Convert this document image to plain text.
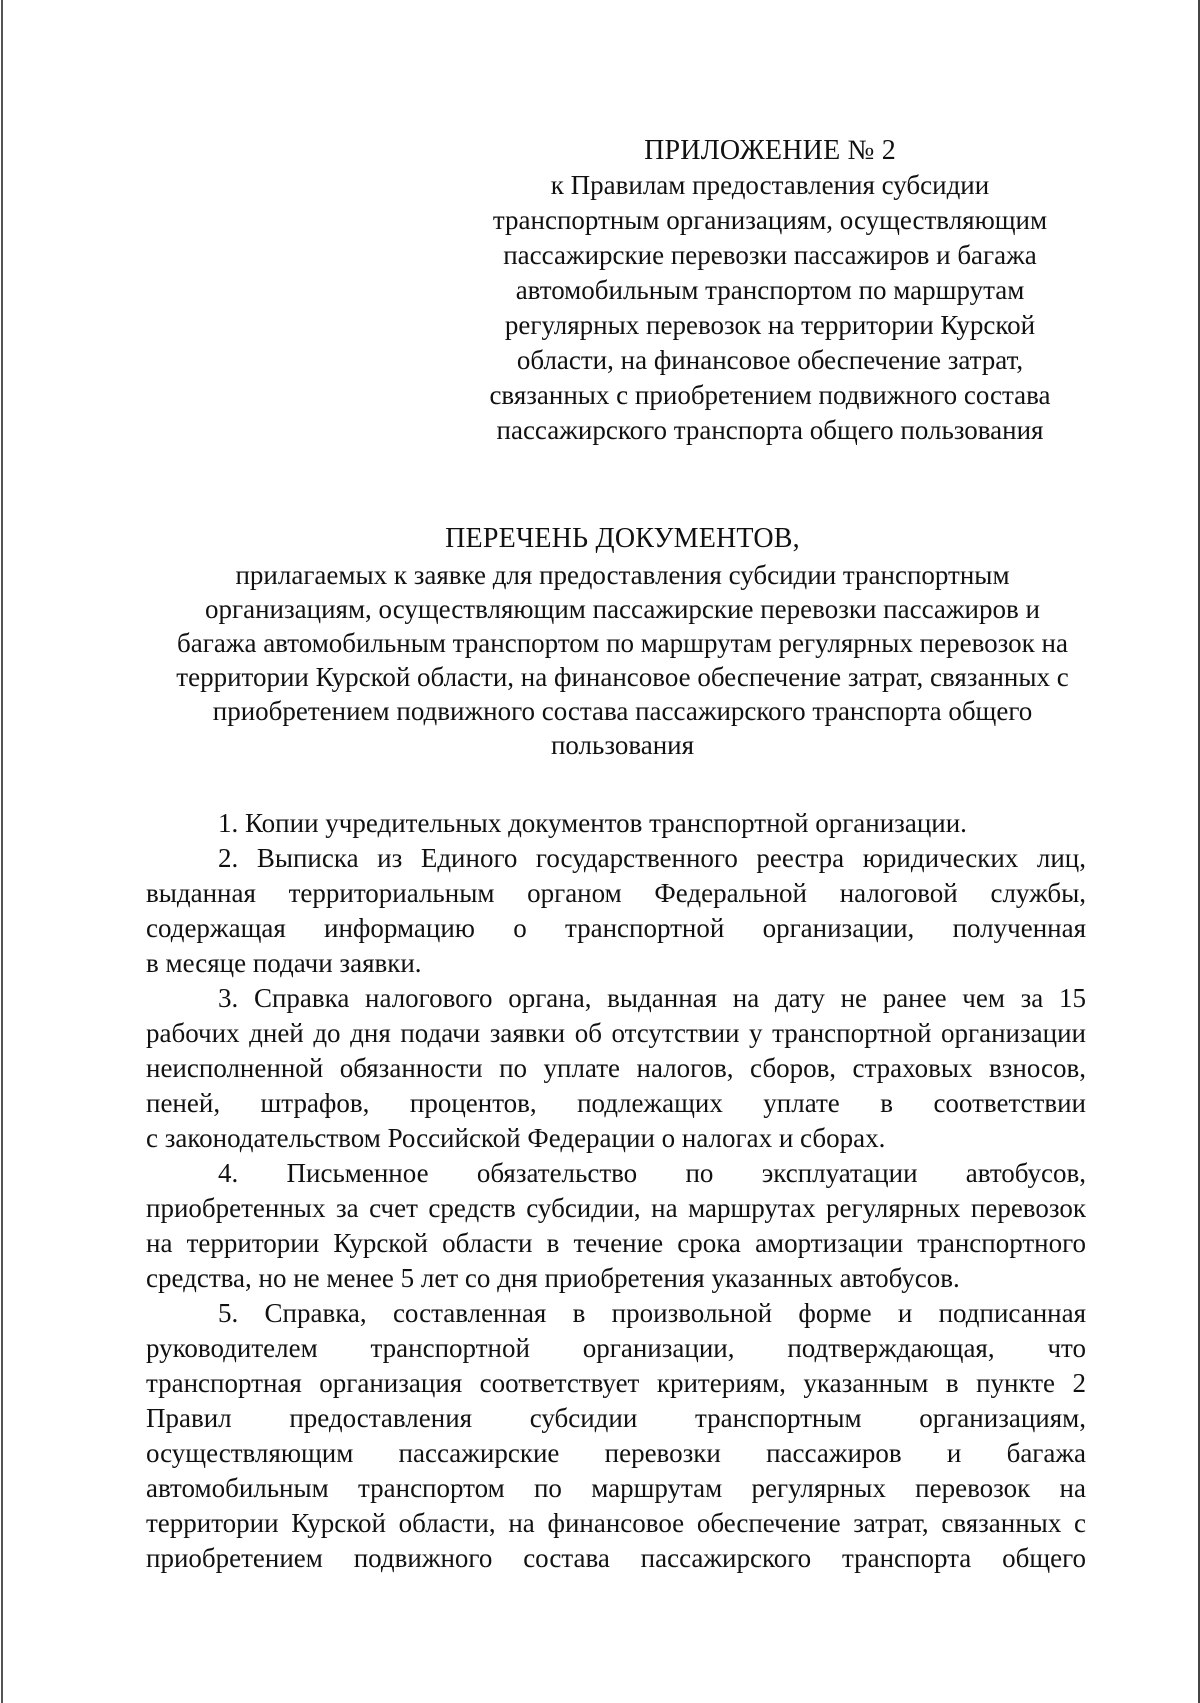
ПРИЛОЖЕНИЕ № 2
к Правилам предоставления субсидии
транспортным организациям, осуществляющим
пассажирские перевозки пассажиров и багажа
автомобильным транспортом по маршрутам
регулярных перевозок на территории Курской
области, на финансовое обеспечение затрат,
связанных с приобретением подвижного состава
пассажирского транспорта общего пользования
ПЕРЕЧЕНЬ ДОКУМЕНТОВ,
прилагаемых к заявке для предоставления субсидии транспортным
организациям, осуществляющим пассажирские перевозки пассажиров и
багажа автомобильным транспортом по маршрутам регулярных перевозок на
территории Курской области, на финансовое обеспечение затрат, связанных с
приобретением подвижного состава пассажирского транспорта общего
пользования
1. Копии учредительных документов транспортной организации.
2. Выписка из Единого государственного реестра юридических лиц,
выданная территориальным органом Федеральной налоговой службы,
содержащая информацию о транспортной организации, полученная
в месяце подачи заявки.
3. Справка налогового органа, выданная на дату не ранее чем за 15
рабочих дней до дня подачи заявки об отсутствии у транспортной организации
неисполненной обязанности по уплате налогов, сборов, страховых взносов,
пеней, штрафов, процентов, подлежащих уплате в соответствии
с законодательством Российской Федерации о налогах и сборах.
4. Письменное обязательство по эксплуатации автобусов,
приобретенных за счет средств субсидии, на маршрутах регулярных перевозок
на территории Курской области в течение срока амортизации транспортного
средства, но не менее 5 лет со дня приобретения указанных автобусов.
5. Справка, составленная в произвольной форме и подписанная
руководителем транспортной организации, подтверждающая, что
транспортная организация соответствует критериям, указанным в пункте 2
Правил предоставления субсидии транспортным организациям,
осуществляющим пассажирские перевозки пассажиров и багажа
автомобильным транспортом по маршрутам регулярных перевозок на
территории Курской области, на финансовое обеспечение затрат, связанных с
приобретением подвижного состава пассажирского транспорта общего
